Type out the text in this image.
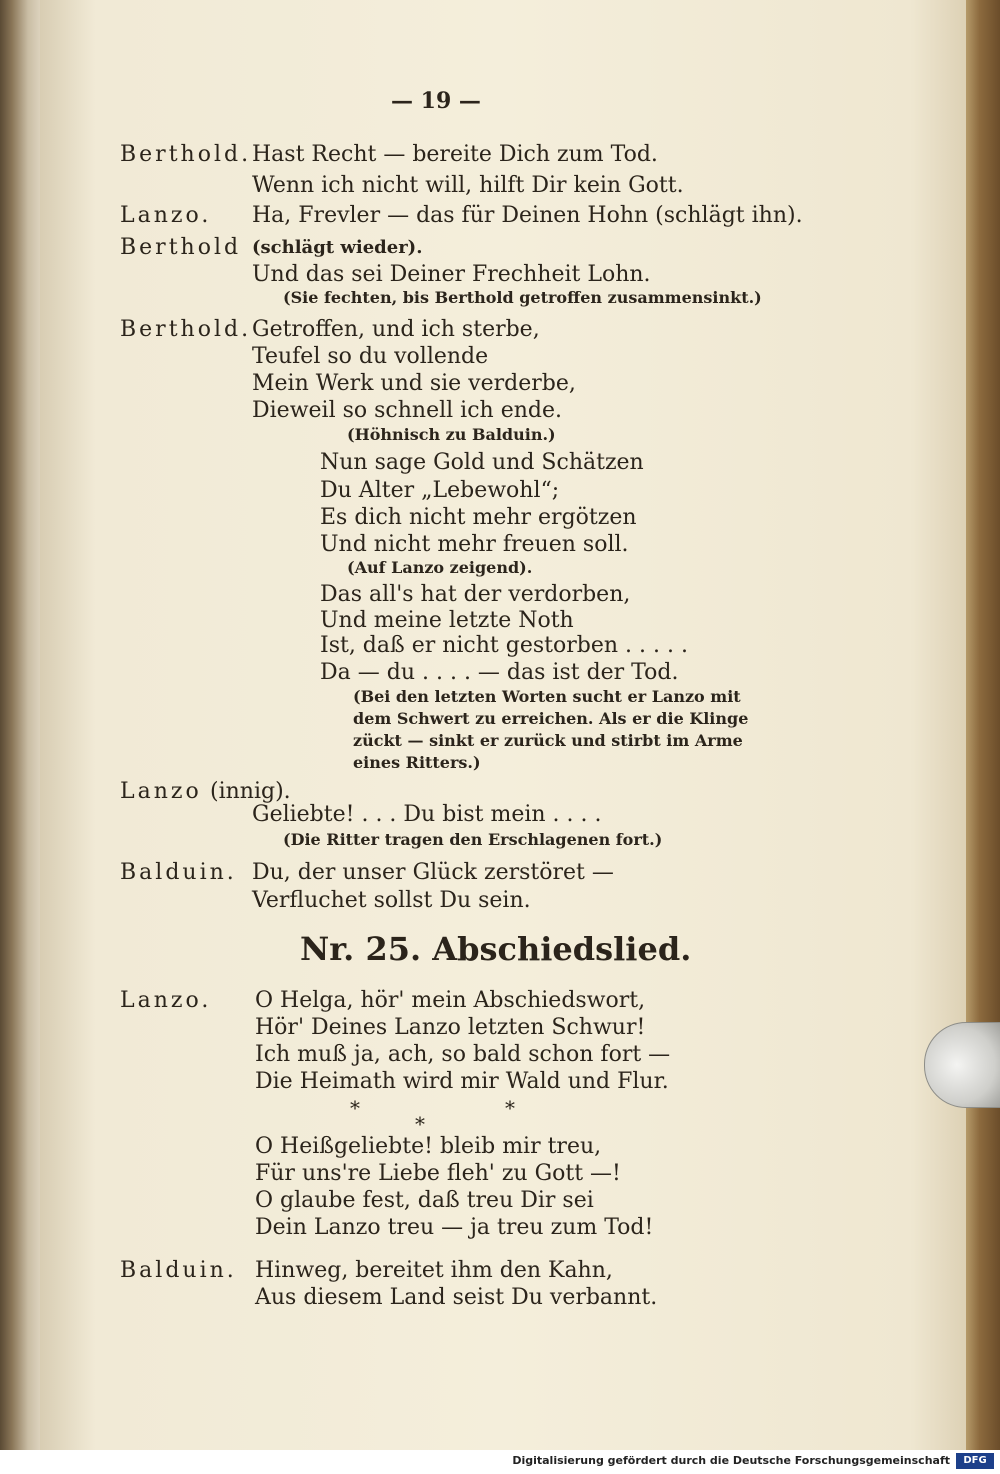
— 19 —
Berthold. Hast Recht — bereite Dich zum Tod.
Wenn ich nicht will, hilft Dir kein Gott.
Lanzo. Ha, Frevler — das für Deinen Hohn (schlägt ihn).
Berthold (schlägt wieder).
Und das sei Deiner Frechheit Lohn.
(Sie fechten, bis Berthold getroffen zusammensinkt.)
Berthold. Getroffen, und ich sterbe,
Teufel so du vollende
Mein Werk und sie verderbe,
Dieweil so schnell ich ende.
(Höhnisch zu Balduin.)
Nun sage Gold und Schätzen
Du Alter „Lebewohl“;
Es dich nicht mehr ergötzen
Und nicht mehr freuen soll.
(Auf Lanzo zeigend).
Das all's hat der verdorben,
Und meine letzte Noth
Ist, daß er nicht gestorben . . . . .
Da — du . . . . — das ist der Tod.
(Bei den letzten Worten sucht er Lanzo mit
dem Schwert zu erreichen. Als er die Klinge
zückt — sinkt er zurück und stirbt im Arme
eines Ritters.)
Lanzo (innig).
Geliebte! . . . Du bist mein . . . .
(Die Ritter tragen den Erschlagenen fort.)
Balduin. Du, der unser Glück zerstöret —
Verfluchet sollst Du sein.
Nr. 25. Abschiedslied.
Lanzo. O Helga, hör' mein Abschiedswort,
Hör' Deines Lanzo letzten Schwur!
Ich muß ja, ach, so bald schon fort —
Die Heimath wird mir Wald und Flur.
*
*
*
O Heißgeliebte! bleib mir treu,
Für uns're Liebe fleh' zu Gott —!
O glaube fest, daß treu Dir sei
Dein Lanzo treu — ja treu zum Tod!
Balduin. Hinweg, bereitet ihm den Kahn,
Aus diesem Land seist Du verbannt.
Digitalisierung gefördert durch die Deutsche Forschungsgemeinschaft	DFG
